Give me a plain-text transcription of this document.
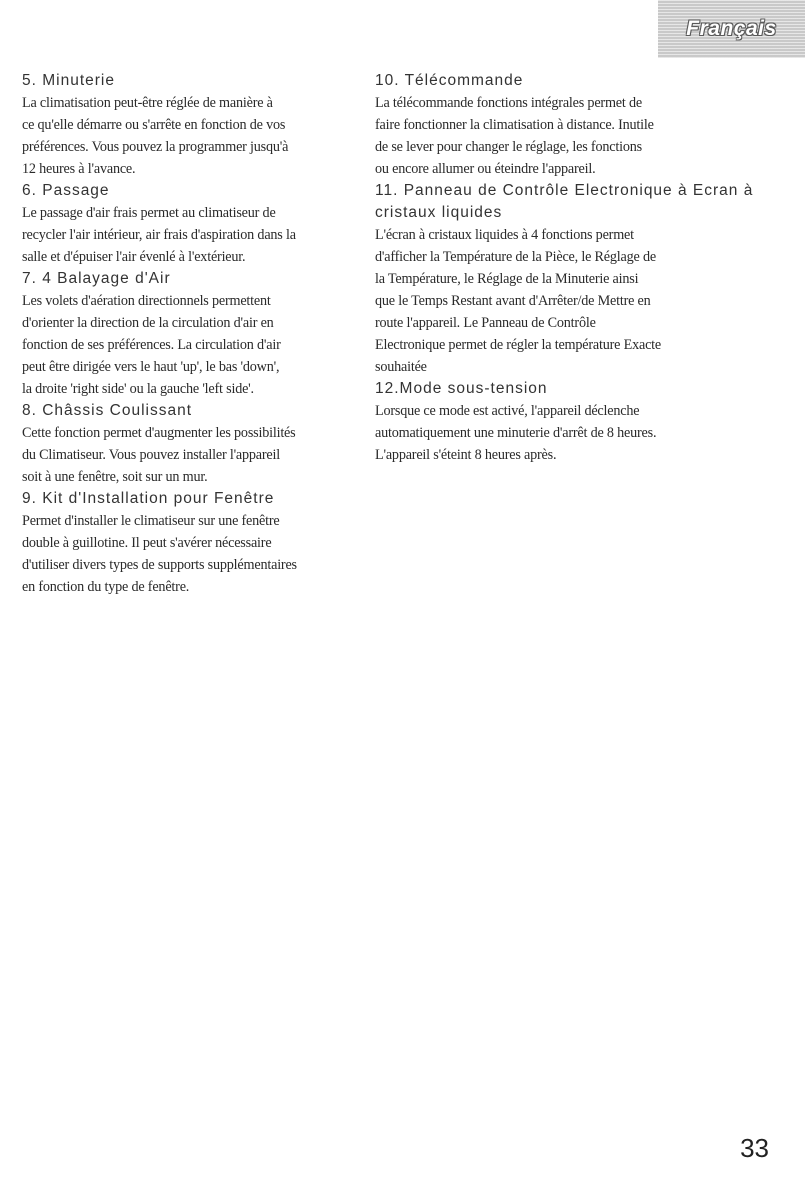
Français

5. Minuterie

La climatisation peut-être réglée de manière à

ce qu'elle démarre ou s'arrête en fonction de vos

préférences. Vous pouvez la programmer jusqu'à

12 heures à l'avance.

6. Passage

Le passage d'air frais permet au climatiseur de

recycler l'air intérieur, air frais d'aspiration dans la

salle et d'épuiser l'air évenlé à l'extérieur.

7. 4 Balayage d'Air

Les volets d'aération directionnels permettent

d'orienter la direction de la circulation d'air en

fonction de ses préférences. La circulation d'air

peut être dirigée vers le haut 'up', le bas 'down',

la droite 'right side' ou la gauche 'left side'.

8. Châssis Coulissant

Cette fonction permet d'augmenter les possibilités

du Climatiseur. Vous pouvez installer l'appareil

soit à une fenêtre, soit sur un mur.

9. Kit d'Installation pour Fenêtre

Permet d'installer le climatiseur sur une fenêtre

double à guillotine. Il peut s'avérer nécessaire

d'utiliser divers types de supports supplémentaires

en fonction du type de fenêtre.

10. Télécommande

La télécommande fonctions intégrales permet de

faire fonctionner la climatisation à distance. Inutile

de se lever pour changer le réglage, les fonctions

ou encore allumer ou éteindre l'appareil.

11. Panneau de Contrôle Electronique à Ecran à cristaux liquides

L'écran à cristaux liquides à 4 fonctions permet

d'afficher la Température de la Pièce, le Réglage de

la Température, le Réglage de la Minuterie ainsi

que le Temps Restant avant d'Arrêter/de Mettre en

route l'appareil. Le Panneau de Contrôle

Electronique permet de régler la température Exacte

souhaitée

12.Mode sous-tension

Lorsque ce mode est activé, l'appareil déclenche

automatiquement une minuterie d'arrêt de 8 heures.

L'appareil s'éteint 8 heures après.

33
